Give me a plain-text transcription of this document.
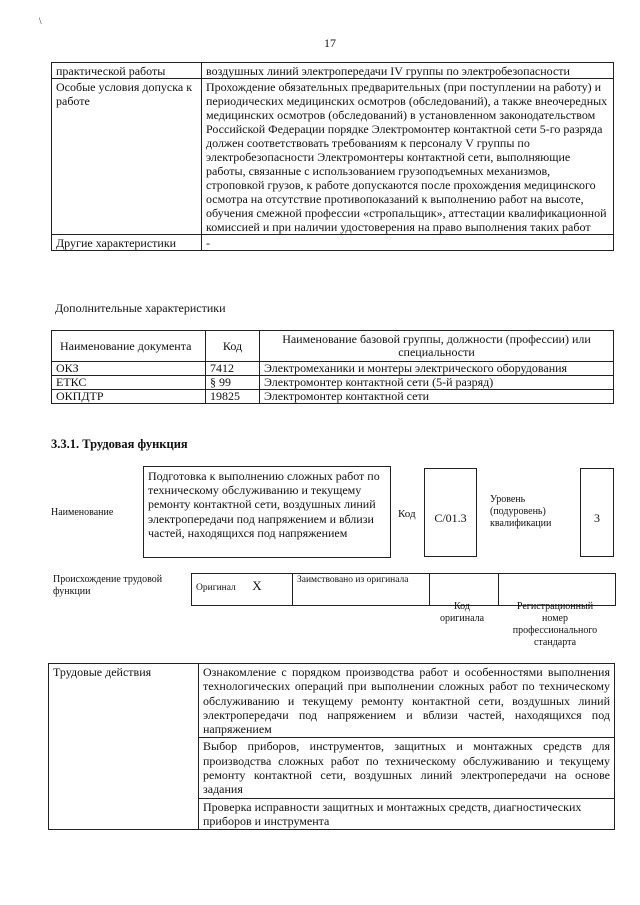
\
17
практической работы	воздушных линий электропередачи IV группы по электробезопасности
Особые условия допуска к работе	Прохождение обязательных предварительных (при поступлении на работу) и периодических медицинских осмотров (обследований), а также внеочередных медицинских осмотров (обследований) в установленном законодательством Российской Федерации порядке Электромонтер контактной сети 5-го разряда должен соответствовать требованиям к персоналу V группы по электробезопасности Электромонтеры контактной сети, выполняющие работы, связанные с использованием грузоподъемных механизмов, строповкой грузов, к работе допускаются после прохождения медицинского осмотра на отсутствие противопоказаний к выполнению работ на высоте, обучения смежной профессии «стропальщик», аттестации квалификационной комиссией и при наличии удостоверения на право выполнения таких работ
Другие характеристики	-
Дополнительные характеристики
Наименование документа	Код	Наименование базовой группы, должности (профессии) или специальности
ОКЗ	7412	Электромеханики и монтеры электрического оборудования
ЕТКС	§ 99	Электромонтер контактной сети (5-й разряд)
ОКПДТР	19825	Электромонтер контактной сети
3.3.1. Трудовая функция
Наименование
Подготовка к выполнению сложных работ по техническому обслуживанию и текущему ремонту контактной сети, воздушных линий электропередачи под напряжением и вблизи частей, находящихся под напряжением
Код	С/01.3
Уровень (подуровень) квалификации	3
Происхождение трудовой функции	Оригинал X	Заимствовано из оригинала		
Код оригинала
Регистрационный номер профессионального стандарта
Трудовые действия	Ознакомление с порядком производства работ и особенностями выполнения технологических операций при выполнении сложных работ по техническому обслуживанию и текущему ремонту контактной сети, воздушных линий электропередачи под напряжением и вблизи частей, находящихся под напряжением
Выбор приборов, инструментов, защитных и монтажных средств для производства сложных работ по техническому обслуживанию и текущему ремонту контактной сети, воздушных линий электропередачи на основе задания
Проверка исправности защитных и монтажных средств, диагностических приборов и инструмента
